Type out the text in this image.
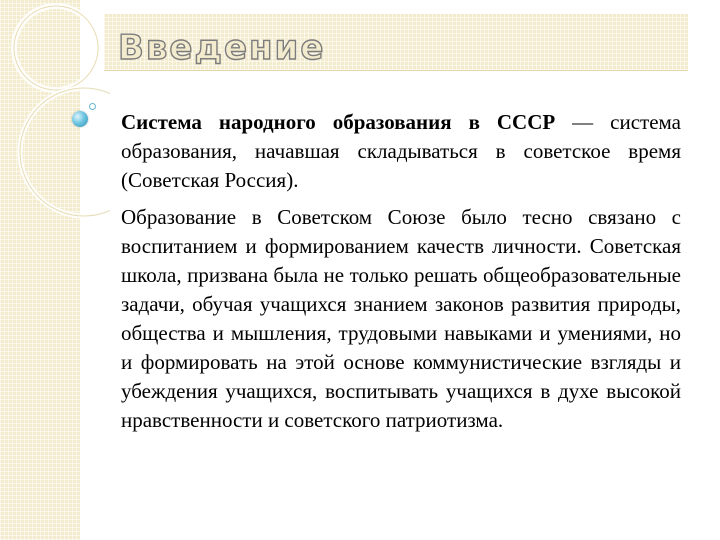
Введение

Система народного образования в СССР — система образования, начавшая складываться в советское время (Советская Россия).

Образование в Советском Союзе было тесно связано с воспитанием и формированием качеств личности. Советская школа, призвана была не только решать общеобразовательные задачи, обучая учащихся знанием законов развития природы, общества и мышления, трудовыми навыками и умениями, но и формировать на этой основе коммунистические взгляды и убеждения учащихся, воспитывать учащихся в духе высокой нравственности и советского патриотизма.
